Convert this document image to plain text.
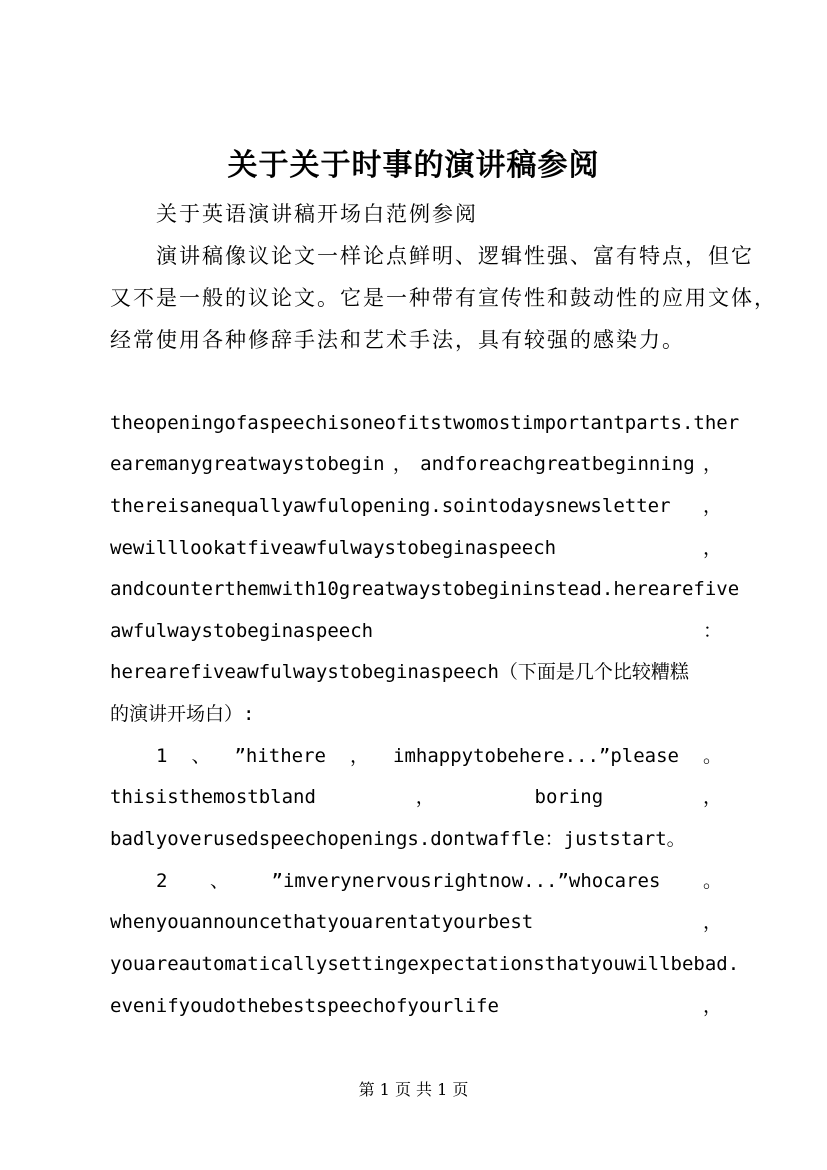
关于关于时事的演讲稿参阅
关于英语演讲稿开场白范例参阅
演讲稿像议论文一样论点鲜明、逻辑性强、富有特点，但它
又不是一般的议论文。它是一种带有宣传性和鼓动性的应用文体，
经常使用各种修辞手法和艺术手法，具有较强的感染力。
theopeningofaspeechisoneofitstwomostimportantparts.ther
earemanygreatwaystobegin ， andforeachgreatbeginning ，
thereisanequallyawfulopening.sointodaysnewsletter ，
wewilllookatfiveawfulwaystobeginaspeech	，
andcounterthemwith10greatwaystobegininstead.herearefive
awfulwaystobeginaspeech	：
herearefiveawfulwaystobeginaspeech（下面是几个比较糟糕
的演讲开场白）:
1 、 ”hithere ， imhappytobehere...”please 。
thisisthemostbland	，	boring	，
badlyoverusedspeechopenings.dontwaffle：juststart。
2 、 ”imverynervousrightnow...”whocares 。
whenyouannouncethatyouarentatyourbest	，
youareautomaticallysettingexpectationsthatyouwillbebad.
evenifyoudothebestspeechofyourlife	，
第 1 页 共 1 页
